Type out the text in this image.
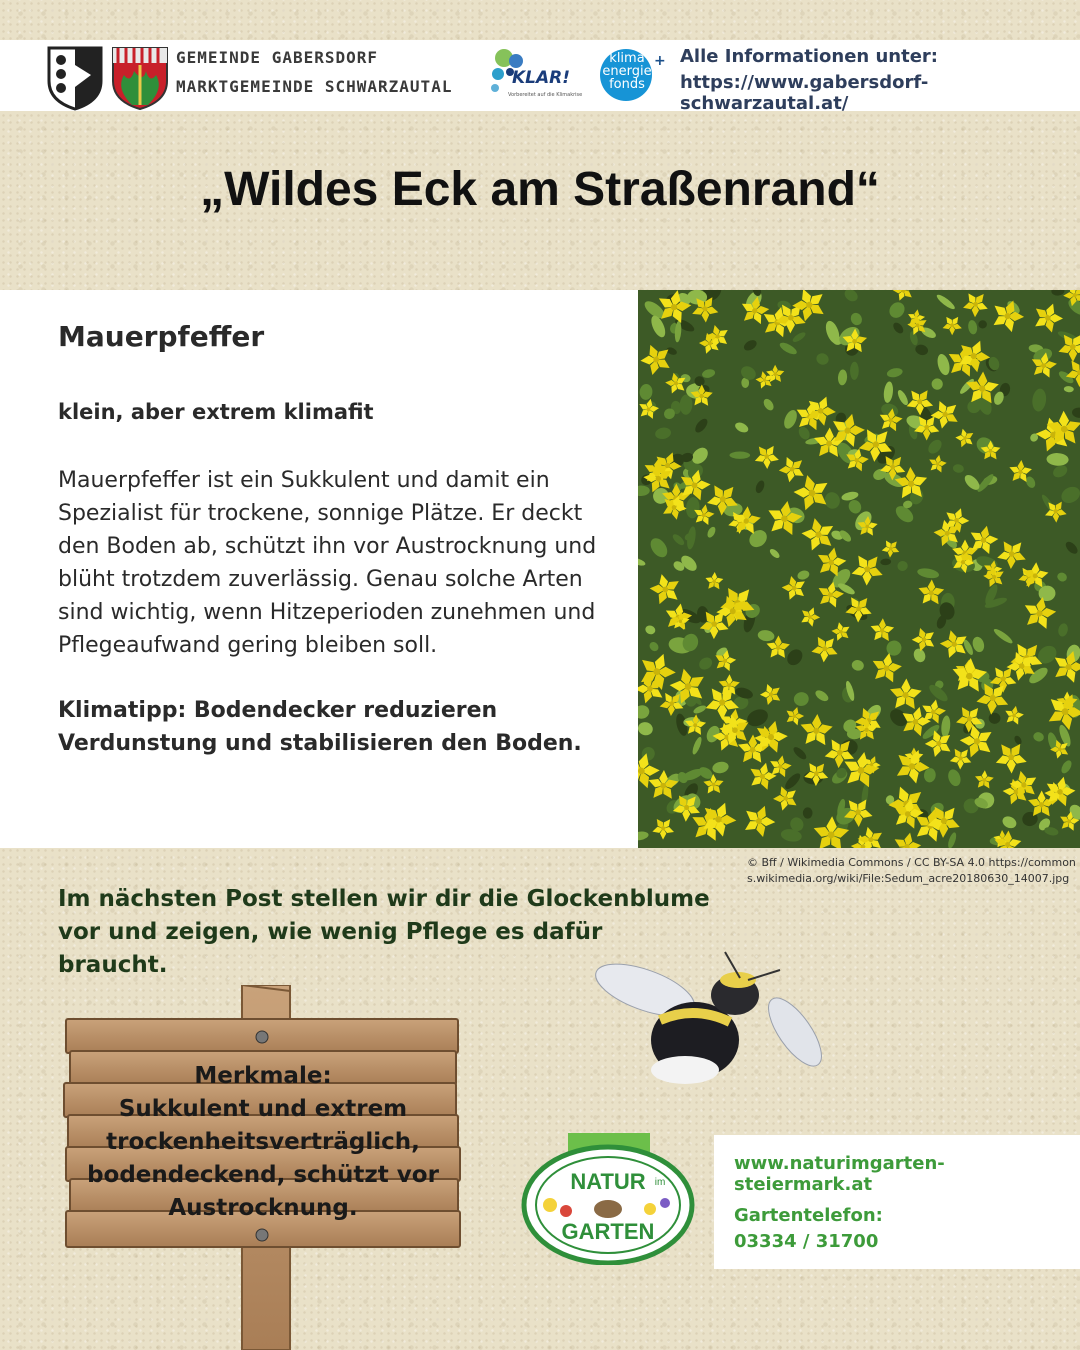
GEMEINDE GABERSDORF
MARKTGEMEINDE SCHWARZAUTAL	KLAR!
Vorbereitet auf die Klimakrise
klima
energie
fonds
+ Alle Informationen unter:
https://www.gabersdorf-schwarzautal.at/
„Wildes Eck am Straßenrand“
Mauerpfeffer
klein, aber extrem klimafit
Mauerpfeffer ist ein Sukkulent und damit ein Spezialist für trockene, sonnige Plätze. Er deckt den Boden ab, schützt ihn vor Austrocknung und blüht trotzdem zuverlässig. Genau solche Arten sind wichtig, wenn Hitzeperioden zunehmen und Pflegeaufwand gering bleiben soll.
Klimatipp: Bodendecker reduzieren Verdunstung und stabilisieren den Boden.
© Bff / Wikimedia Commons / CC BY-SA 4.0 https://commons.wikimedia.org/wiki/File:Sedum_acre20180630_14007.jpg
Im nächsten Post stellen wir dir die Glockenblume vor und zeigen, wie wenig Pflege es dafür braucht.
Merkmale:
Sukkulent und extrem trockenheitsverträglich, bodendeckend, schützt vor Austrocknung.
NATUR im
GARTEN
www.naturimgarten-steiermark.at
Gartentelefon:
03334 / 31700
